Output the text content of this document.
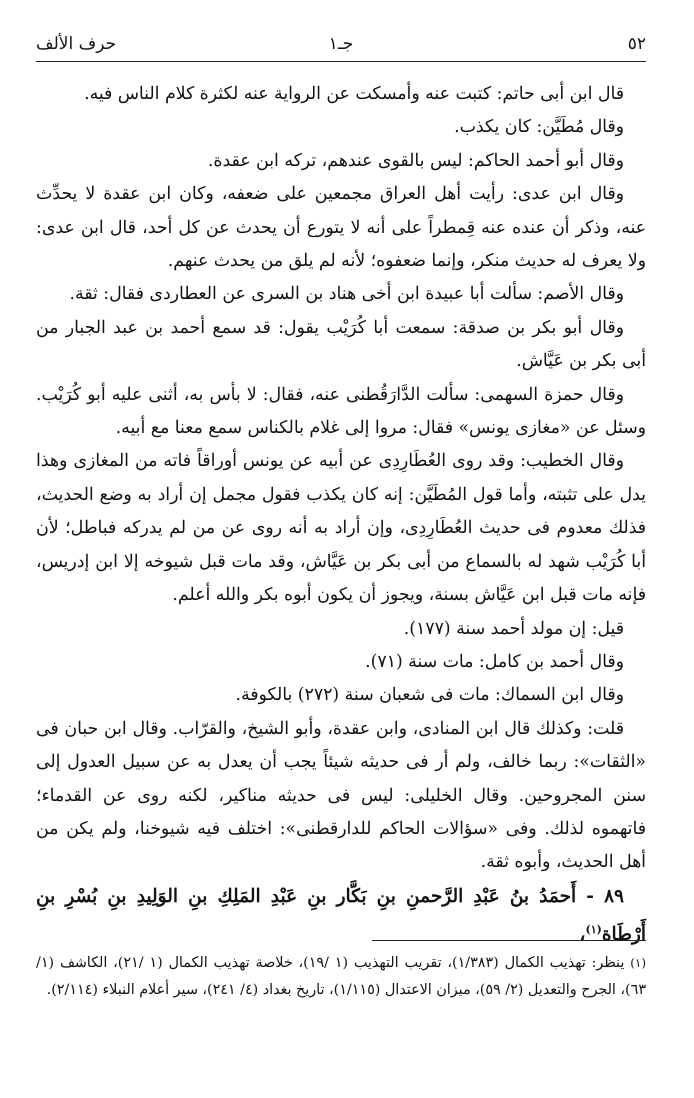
٥٢
جـ١
حرف الألف

قال ابن أبى حاتم: كتبت عنه وأمسكت عن الرواية عنه لكثرة كلام الناس فيه.

وقال مُطَيَّن: كان يكذب.

وقال أبو أحمد الحاكم: ليس بالقوى عندهم، تركه ابن عقدة.

وقال ابن عدى: رأيت أهل العراق مجمعين على ضعفه، وكان ابن عقدة لا يحدِّث عنه، وذكر أن عنده عنه قِمطراً على أنه لا يتورع أن يحدث عن كل أحد، قال ابن عدى: ولا يعرف له حديث منكر، وإنما ضعفوه؛ لأنه لم يلق من يحدث عنهم.

وقال الأصم: سألت أبا عبيدة ابن أخى هناد بن السرى عن العطاردى فقال: ثقة.

وقال أبو بكر بن صدقة: سمعت أبا كُرَيْب يقول: قد سمع أحمد بن عبد الجبار من أبى بكر بن عَيَّاش.

وقال حمزة السهمى: سألت الدَّارَقُطنى عنه، فقال: لا بأس به، أثنى عليه أبو كُرَيْب. وسئل عن «مغازى يونس» فقال: مروا إلى غلام بالكناس سمع معنا مع أبيه.

وقال الخطيب: وقد روى العُطَارِدِى عن أبيه عن يونس أوراقاً فاته من المغازى وهذا يدل على تثبته، وأما قول المُطَيَّن: إنه كان يكذب فقول مجمل إن أراد به وضع الحديث، فذلك معدوم فى حديث العُطَارِدِى، وإن أراد به أنه روى عن من لم يدركه فباطل؛ لأن أبا كُرَيْب شهد له بالسماع من أبى بكر بن عَيَّاش، وقد مات قبل شيوخه إلا ابن إدريس، فإنه مات قبل ابن عَيَّاش بسنة، ويجوز أن يكون أبوه بكر والله أعلم.

قيل: إن مولد أحمد سنة (١٧٧).

وقال أحمد بن كامل: مات سنة (٧١).

وقال ابن السماك: مات فى شعبان سنة (٢٧٢) بالكوفة.

قلت: وكذلك قال ابن المنادى، وابن عقدة، وأبو الشيخ، والقرّاب. وقال ابن حبان فى «الثقات»: ربما خالف، ولم أر فى حديثه شيئاً يجب أن يعدل به عن سبيل العدول إلى سنن المجروحين. وقال الخليلى: ليس فى حديثه مناكير، لكنه روى عن القدماء؛ فاتهموه لذلك. وفى «سؤالات الحاكم للدارقطنى»: اختلف فيه شيوخنا، ولم يكن من أهل الحديث، وأبوه ثقة.

٨٩ - أَحمَدُ بنُ عَبْدِ الرَّحمنِ بنِ بَكَّار بنِ عَبْدِ المَلِكِ بنِ الوَلِيدِ بنِ بُسْرِ بنِ أَرْطَاة$^{(١)}$،

(١) ينظر: تهذيب الكمال (١/٣٨٣)، تقريب التهذيب (١ /١٩)، خلاصة تهذيب الكمال (١ /٢١)، الكاشف (١/ ٦٣)، الجرح والتعديل (٢/ ٥٩)، ميزان الاعتدال (١/١١٥)، تاريخ بغداد (٤/ ٢٤١)، سير أعلام النبلاء (٢/١١٤).
